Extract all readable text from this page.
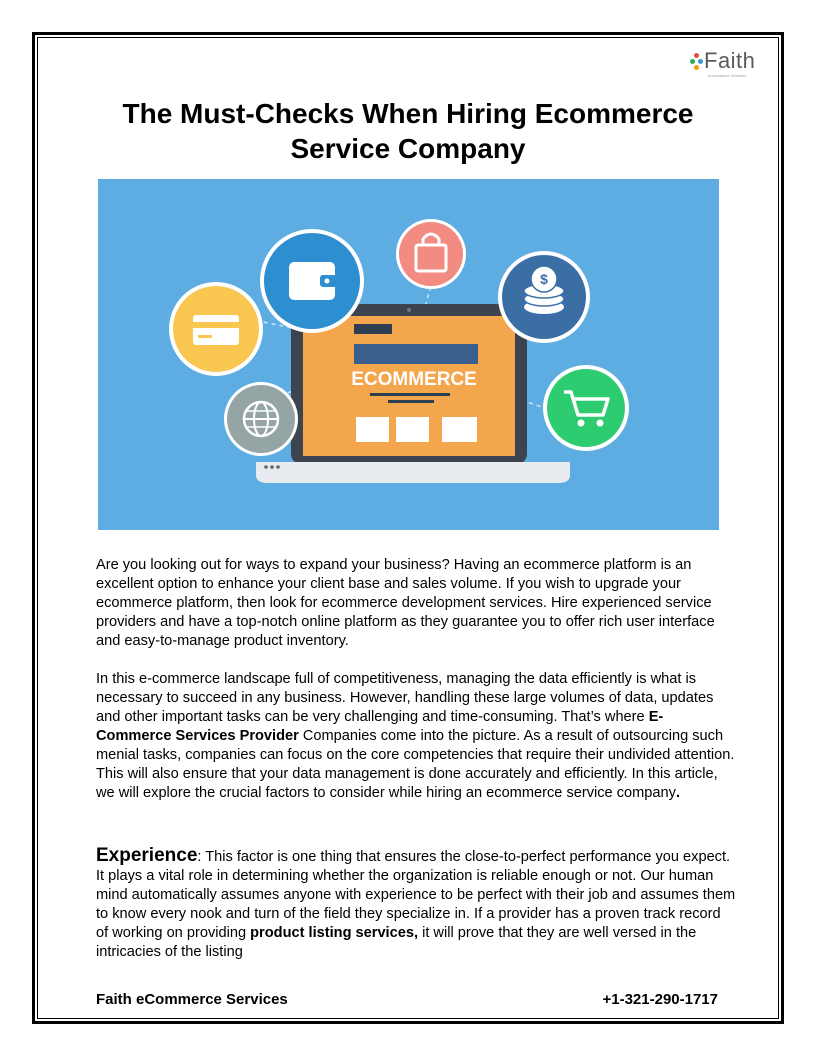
Faith
eCommerce Services
The Must-Checks When Hiring Ecommerce Service Company
ECOMMERCE
$

Are you looking out for ways to expand your business? Having an ecommerce platform is an excellent option to enhance your client base and sales volume. If you wish to upgrade your ecommerce platform, then look for ecommerce development services. Hire experienced service providers and have a top-notch online platform as they guarantee you to offer rich user interface and easy-to-manage product inventory.

In this e-commerce landscape full of competitiveness, managing the data efficiently is what is necessary to succeed in any business. However, handling these large volumes of data, updates and other important tasks can be very challenging and time-consuming. That’s where E-Commerce Services Provider Companies come into the picture. As a result of outsourcing such menial tasks, companies can focus on the core competencies that require their undivided attention. This will also ensure that your data management is done accurately and efficiently. In this article, we will explore the crucial factors to consider while hiring an ecommerce service company.

Experience: This factor is one thing that ensures the close-to-perfect performance you expect. It plays a vital role in determining whether the organization is reliable enough or not. Our human mind automatically assumes anyone with experience to be perfect with their job and assumes them to know every nook and turn of the field they specialize in. If a provider has a proven track record of working on providing product listing services, it will prove that they are well versed in the intricacies of the listing

Faith eCommerce Services	+1-321-290-1717
